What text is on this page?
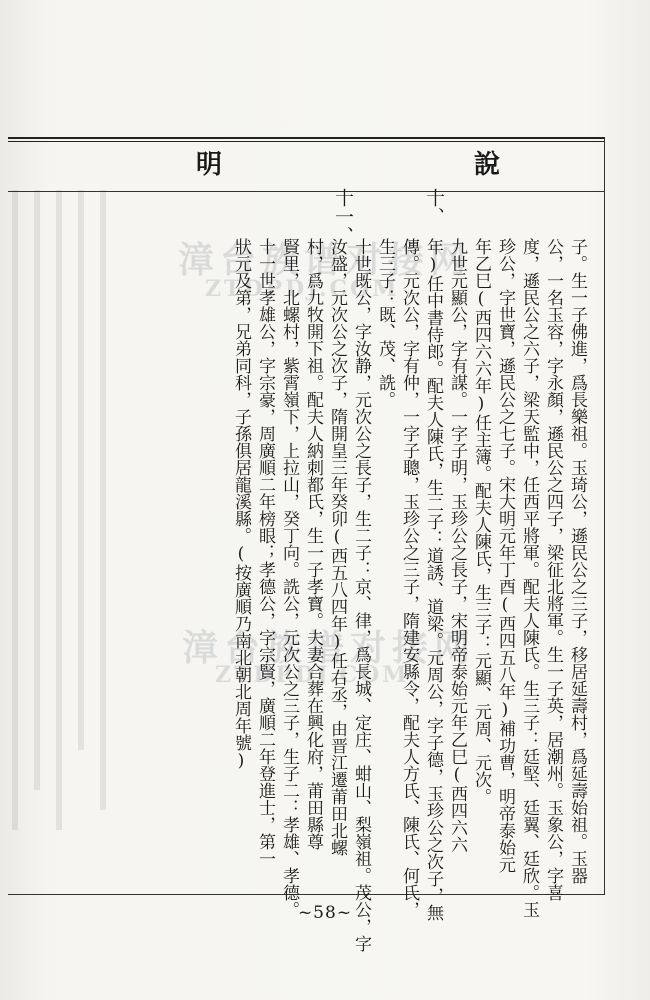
明	說
漳台族谱对接网
ZTDPDJ.COM
漳台族谱对接网
ZTDPDJ.COM
十、
十一、
子。生一子佛進，爲長樂祖。玉琦公，遜民公之三子，移居延壽村，爲延壽始祖。玉器
公，一名玉容，字永顏，遜民公之四子，梁征北將軍。生一子英，居潮州。玉象公，字喜
度，遜民公之六子，梁天監中，任西平將軍。配夫人陳氏。生三子：廷堅、廷翼、廷欣。玉
珍公，字世寶，遜民公之七子。宋大明元年丁酉(西四五八年)補功曹，明帝泰始元
年乙巳(西四六六年)任主簿。配夫人陳氏，生三子：元顯、元周、元次。
九世元顯公，字有謀。一字子明，玉珍公之長子，宋明帝泰始元年乙巳(西四六六
年)任中書侍郎。配夫人陳氏，生二子：道誘、道梁。元周公，字子德，玉珍公之次子，無
傳。元次公，字有仲，一字子聰，玉珍公之三子，隋建安縣令，配夫人方氏、陳氏、何氏，
生三子：既、茂、詵。
十世既公，字汝静，元次公之長子，生二子：京、律，爲長城、定庄、蚶山、梨嶺祖。茂公，字
汝盛，元次公之次子，隋開皇三年癸卯(西五八四年)任右丞，由晋江遷莆田北螺
村，爲九牧開下祖。配夫人納刺都氏，生一子孝寶。夫妻合葬在興化府，莆田縣尊
賢里，北螺村，紫霄嶺下，上拉山，癸丁向。詵公，元次公之三子，生子二：孝雄、孝德。
十一世孝雄公，字宗豪，周廣順二年榜眼；孝德公，字宗賢，廣順二年登進士，第一
狀元及第，兄弟同科，子孫俱居龍溪縣。(按廣順乃南北朝北周年號)
~58~
